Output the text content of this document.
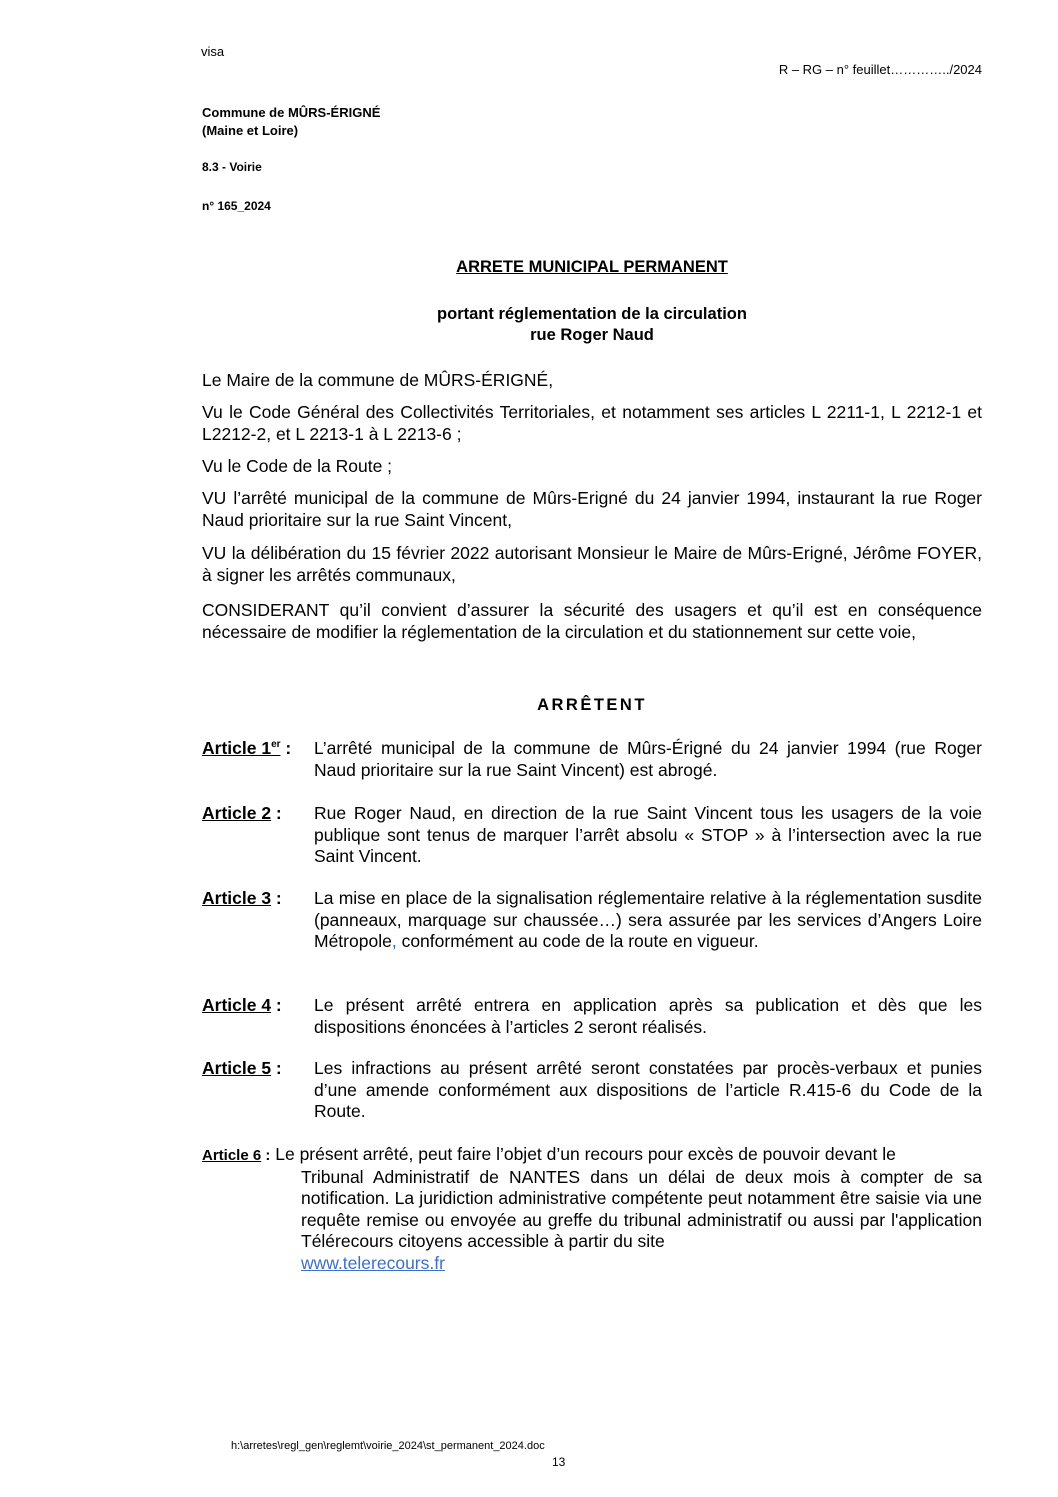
visa
R – RG – n° feuillet…………../2024
Commune de MÛRS-ÉRIGNÉ
(Maine et Loire)
8.3 - Voirie
n° 165_2024
ARRETE MUNICIPAL PERMANENT
portant réglementation de la circulation
rue Roger Naud

Le Maire de la commune de MÛRS-ÉRIGNÉ,

Vu le Code Général des Collectivités Territoriales, et notamment ses articles L 2211-1, L 2212-1 et L2212-2, et L 2213-1 à L 2213-6 ;

Vu le Code de la Route ;

VU l’arrêté municipal de la commune de Mûrs-Erigné du 24 janvier 1994, instaurant la rue Roger Naud prioritaire sur la rue Saint Vincent,

VU la délibération du 15 février 2022 autorisant Monsieur le Maire de Mûrs-Erigné, Jérôme FOYER, à signer les arrêtés communaux,

CONSIDERANT qu’il convient d’assurer la sécurité des usagers et qu’il est en conséquence nécessaire de modifier la réglementation de la circulation et du stationnement sur cette voie,

ARRÊTENT
Article 1er : L’arrêté municipal de la commune de Mûrs-Érigné du 24 janvier 1994 (rue Roger Naud prioritaire sur la rue Saint Vincent) est abrogé.
Article 2 : Rue Roger Naud, en direction de la rue Saint Vincent tous les usagers de la voie publique sont tenus de marquer l’arrêt absolu « STOP » à l’intersection avec la rue Saint Vincent.
Article 3 : La mise en place de la signalisation réglementaire relative à la réglementation susdite (panneaux, marquage sur chaussée…) sera assurée par les services d’Angers Loire Métropole, conformément au code de la route en vigueur.
Article 4 : Le présent arrêté entrera en application après sa publication et dès que les dispositions énoncées à l’articles 2 seront réalisés.
Article 5 : Les infractions au présent arrêté seront constatées par procès-verbaux et punies d’une amende conformément aux dispositions de l’article R.415-6 du Code de la Route.
Article 6 : Le présent arrêté, peut faire l’objet d’un recours pour excès de pouvoir devant le
Tribunal Administratif de NANTES dans un délai de deux mois à compter de sa notification. La juridiction administrative compétente peut notamment être saisie via une requête remise ou envoyée au greffe du tribunal administratif ou aussi par l'application Télérecours citoyens accessible à partir du site
www.telerecours.fr
h:\arretes\regl_gen\reglemt\voirie_2024\st_permanent_2024.doc
13
